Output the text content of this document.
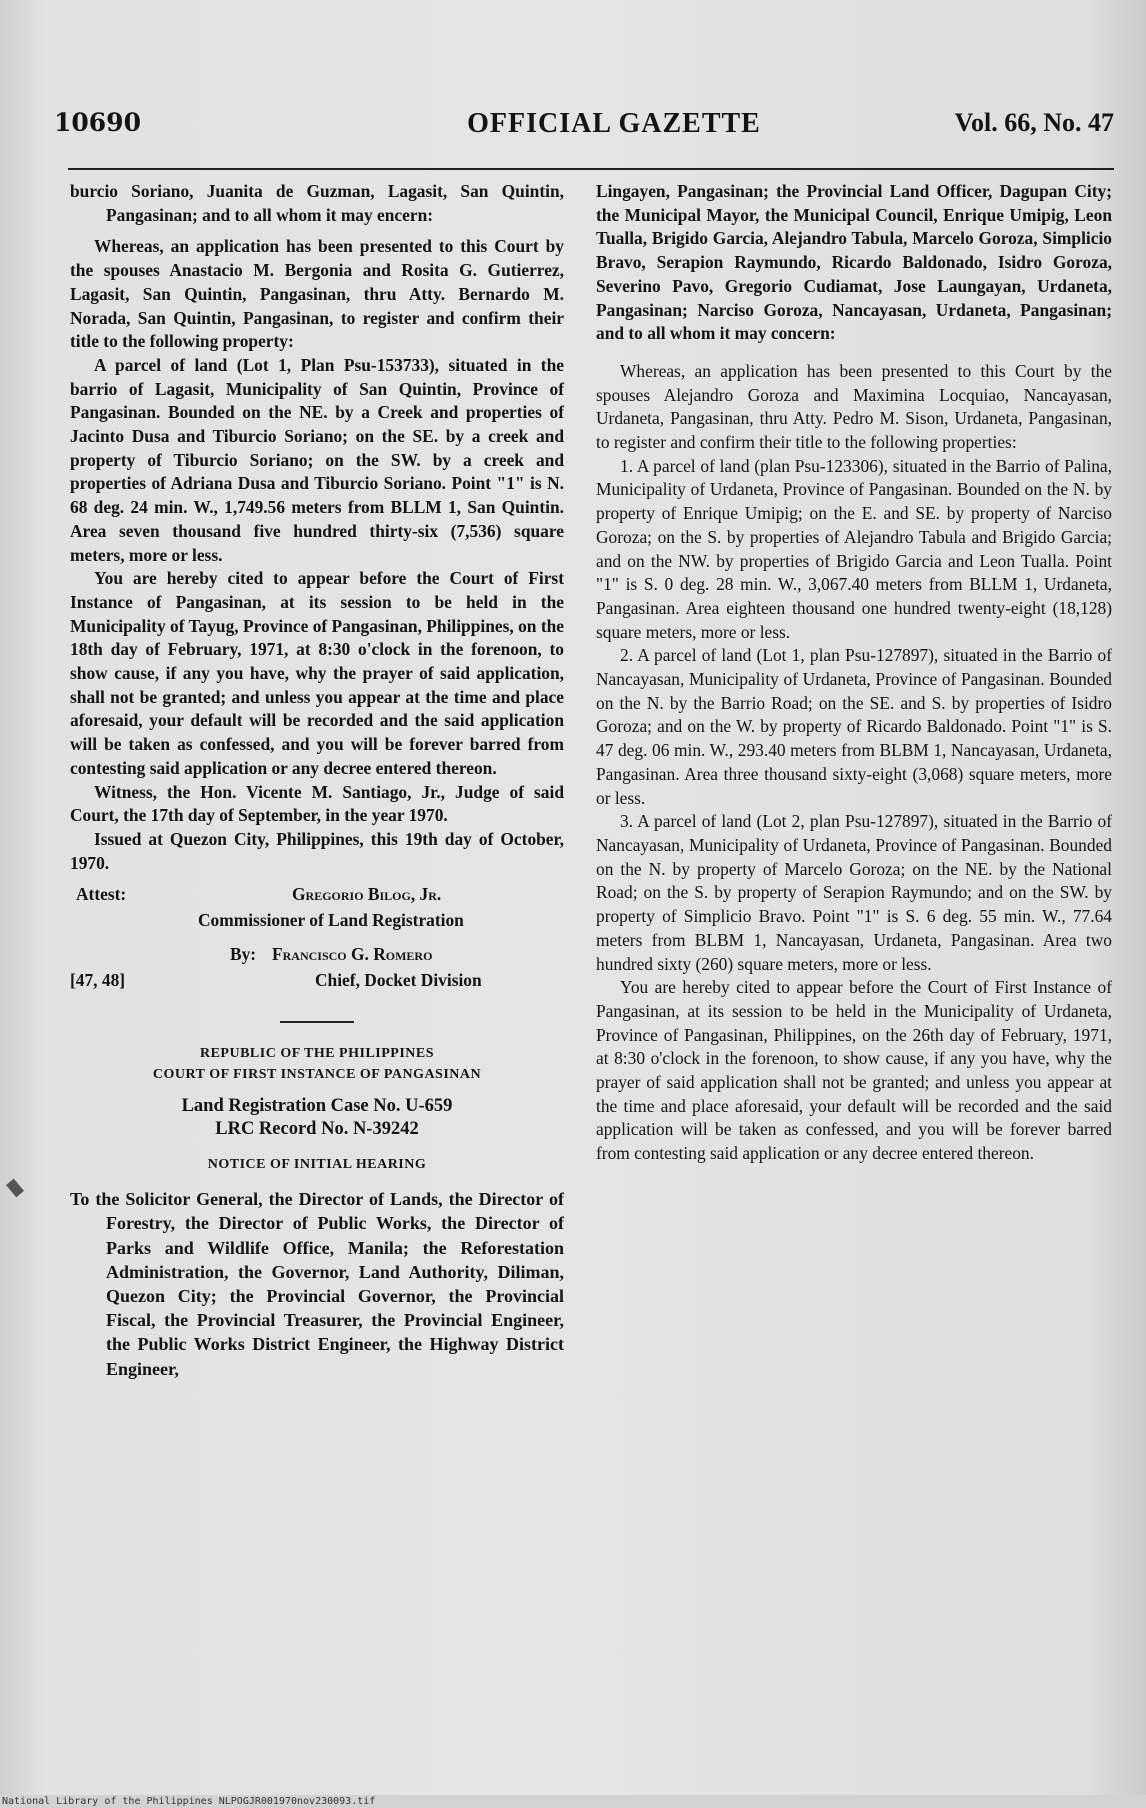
10690	OFFICIAL GAZETTE	Vol. 66, No. 47

burcio Soriano, Juanita de Guzman, Lagasit, San Quintin, Pangasinan; and to all whom it may encern:

Whereas, an application has been presented to this Court by the spouses Anastacio M. Bergonia and Rosita G. Gutierrez, Lagasit, San Quintin, Pangasinan, thru Atty. Bernardo M. Norada, San Quintin, Pangasinan, to register and confirm their title to the following property:

A parcel of land (Lot 1, Plan Psu-153733), situated in the barrio of Lagasit, Municipality of San Quintin, Province of Pangasinan. Bounded on the NE. by a Creek and properties of Jacinto Dusa and Tiburcio Soriano; on the SE. by a creek and property of Tiburcio Soriano; on the SW. by a creek and properties of Adriana Dusa and Tiburcio Soriano. Point "1" is N. 68 deg. 24 min. W., 1,749.56 meters from BLLM 1, San Quintin. Area seven thousand five hundred thirty-six (7,536) square meters, more or less.

You are hereby cited to appear before the Court of First Instance of Pangasinan, at its session to be held in the Municipality of Tayug, Province of Pangasinan, Philippines, on the 18th day of February, 1971, at 8:30 o'clock in the forenoon, to show cause, if any you have, why the prayer of said application, shall not be granted; and unless you appear at the time and place aforesaid, your default will be recorded and the said application will be taken as confessed, and you will be forever barred from contesting said application or any decree entered thereon.

Witness, the Hon. Vicente M. Santiago, Jr., Judge of said Court, the 17th day of September, in the year 1970.

Issued at Quezon City, Philippines, this 19th day of October, 1970.

Attest:	Gregorio Bilog, Jr.
Commissioner of Land Registration
By: Francisco G. Romero
[47, 48]	Chief, Docket Division
REPUBLIC OF THE PHILIPPINES
COURT OF FIRST INSTANCE OF PANGASINAN
Land Registration Case No. U-659
LRC Record No. N-39242
NOTICE OF INITIAL HEARING

To the Solicitor General, the Director of Lands, the Director of Forestry, the Director of Public Works, the Director of Parks and Wildlife Office, Manila; the Reforestation Administration, the Governor, Land Authority, Diliman, Quezon City; the Provincial Governor, the Provincial Fiscal, the Provincial Treasurer, the Provincial Engineer, the Public Works District Engineer, the Highway District Engineer,

Lingayen, Pangasinan; the Provincial Land Officer, Dagupan City; the Municipal Mayor, the Municipal Council, Enrique Umipig, Leon Tualla, Brigido Garcia, Alejandro Tabula, Marcelo Goroza, Simplicio Bravo, Serapion Raymundo, Ricardo Baldonado, Isidro Goroza, Severino Pavo, Gregorio Cudiamat, Jose Laungayan, Urdaneta, Pangasinan; Narciso Goroza, Nancayasan, Urdaneta, Pangasinan; and to all whom it may concern:

Whereas, an application has been presented to this Court by the spouses Alejandro Goroza and Maximina Locquiao, Nancayasan, Urdaneta, Pangasinan, thru Atty. Pedro M. Sison, Urdaneta, Pangasinan, to register and confirm their title to the following properties:

1. A parcel of land (plan Psu-123306), situated in the Barrio of Palina, Municipality of Urdaneta, Province of Pangasinan. Bounded on the N. by property of Enrique Umipig; on the E. and SE. by property of Narciso Goroza; on the S. by properties of Alejandro Tabula and Brigido Garcia; and on the NW. by properties of Brigido Garcia and Leon Tualla. Point "1" is S. 0 deg. 28 min. W., 3,067.40 meters from BLLM 1, Urdaneta, Pangasinan. Area eighteen thousand one hundred twenty-eight (18,128) square meters, more or less.

2. A parcel of land (Lot 1, plan Psu-127897), situated in the Barrio of Nancayasan, Municipality of Urdaneta, Province of Pangasinan. Bounded on the N. by the Barrio Road; on the SE. and S. by properties of Isidro Goroza; and on the W. by property of Ricardo Baldonado. Point "1" is S. 47 deg. 06 min. W., 293.40 meters from BLBM 1, Nancayasan, Urdaneta, Pangasinan. Area three thousand sixty-eight (3,068) square meters, more or less.

3. A parcel of land (Lot 2, plan Psu-127897), situated in the Barrio of Nancayasan, Municipality of Urdaneta, Province of Pangasinan. Bounded on the N. by property of Marcelo Goroza; on the NE. by the National Road; on the S. by property of Serapion Raymundo; and on the SW. by property of Simplicio Bravo. Point "1" is S. 6 deg. 55 min. W., 77.64 meters from BLBM 1, Nancayasan, Urdaneta, Pangasinan. Area two hundred sixty (260) square meters, more or less.

You are hereby cited to appear before the Court of First Instance of Pangasinan, at its session to be held in the Municipality of Urdaneta, Province of Pangasinan, Philippines, on the 26th day of February, 1971, at 8:30 o'clock in the forenoon, to show cause, if any you have, why the prayer of said application shall not be granted; and unless you appear at the time and place aforesaid, your default will be recorded and the said application will be taken as confessed, and you will be forever barred from contesting said application or any decree entered thereon.

National Library of the Philippines NLPOGJR001970nov230093.tif
